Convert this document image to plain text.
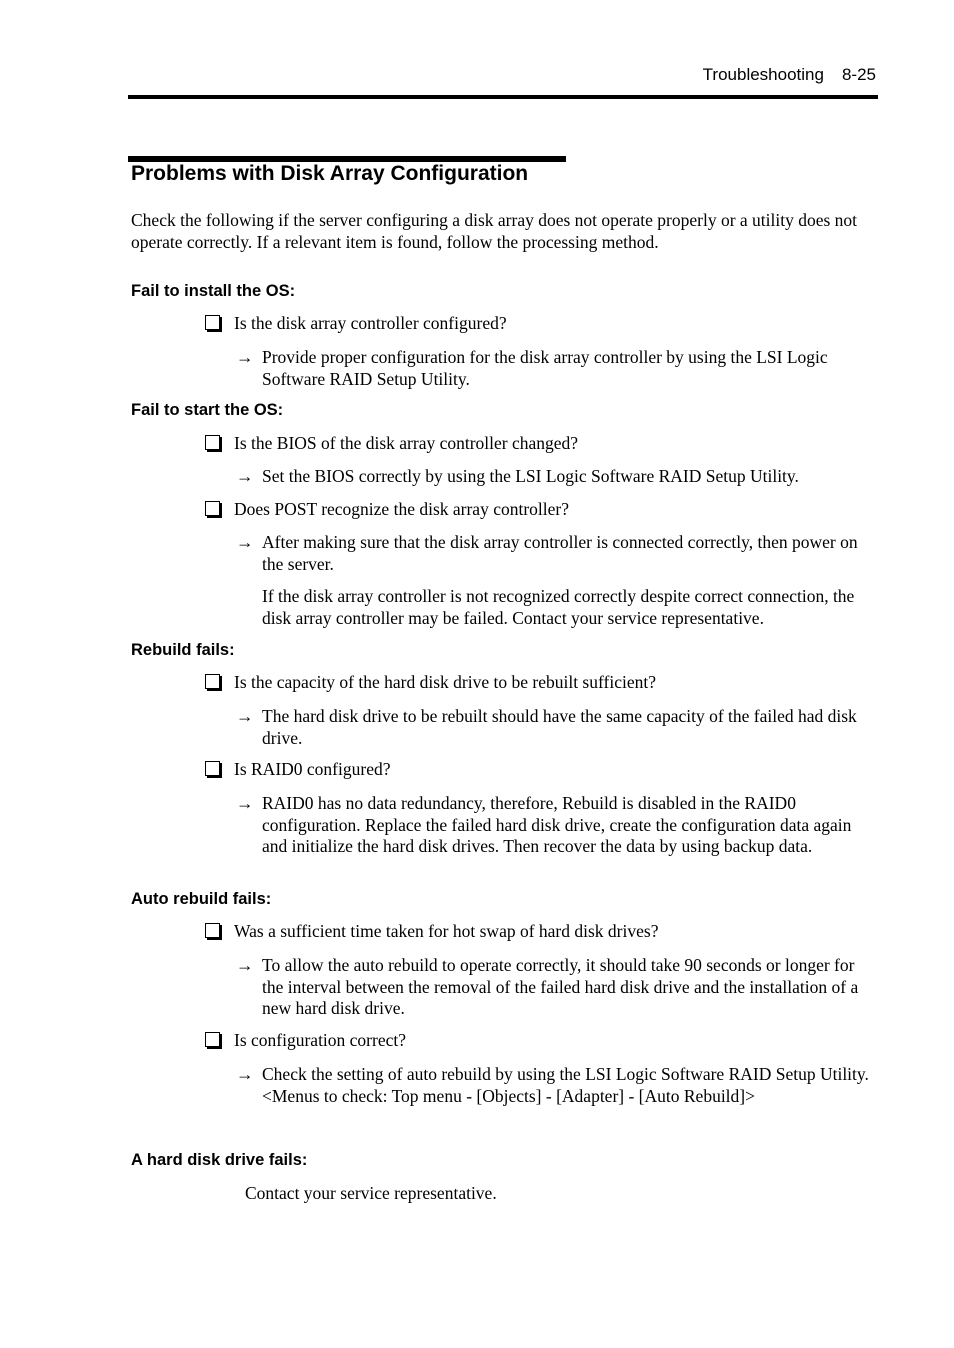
Troubleshooting 8-25
Problems with Disk Array Configuration
Check the following if the server configuring a disk array does not operate properly or a utility does not operate correctly. If a relevant item is found, follow the processing method.
Fail to install the OS:
Is the disk array controller configured?
→ Provide proper configuration for the disk array controller by using the LSI Logic Software RAID Setup Utility.
Fail to start the OS:
Is the BIOS of the disk array controller changed?
→ Set the BIOS correctly by using the LSI Logic Software RAID Setup Utility.
Does POST recognize the disk array controller?
→ After making sure that the disk array controller is connected correctly, then power on the server.
If the disk array controller is not recognized correctly despite correct connection, the disk array controller may be failed. Contact your service representative.
Rebuild fails:
Is the capacity of the hard disk drive to be rebuilt sufficient?
→ The hard disk drive to be rebuilt should have the same capacity of the failed had disk drive.
Is RAID0 configured?
→ RAID0 has no data redundancy, therefore, Rebuild is disabled in the RAID0 configuration. Replace the failed hard disk drive, create the configuration data again and initialize the hard disk drives. Then recover the data by using backup data.
Auto rebuild fails:
Was a sufficient time taken for hot swap of hard disk drives?
→ To allow the auto rebuild to operate correctly, it should take 90 seconds or longer for the interval between the removal of the failed hard disk drive and the installation of a new hard disk drive.
Is configuration correct?
→ Check the setting of auto rebuild by using the LSI Logic Software RAID Setup Utility. <Menus to check: Top menu - [Objects] - [Adapter] - [Auto Rebuild]>
A hard disk drive fails:
Contact your service representative.
